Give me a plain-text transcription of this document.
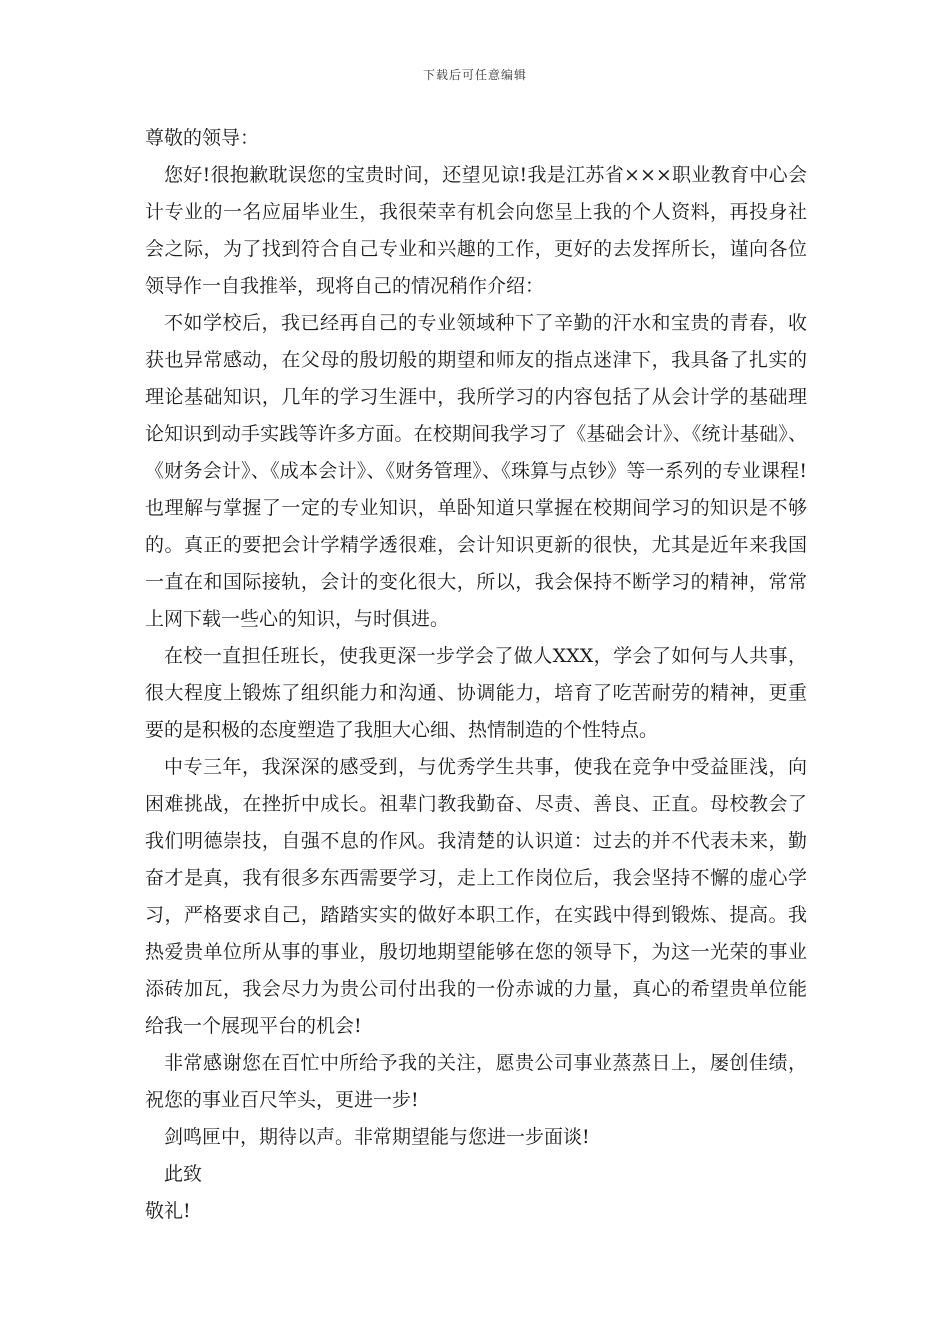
下载后可任意编辑

尊敬的领导：

您好!很抱歉耽误您的宝贵时间，还望见谅!我是江苏省×××职业教育中心会计专业的一名应届毕业生，我很荣幸有机会向您呈上我的个人资料，再投身社会之际，为了找到符合自己专业和兴趣的工作，更好的去发挥所长，谨向各位领导作一自我推举，现将自己的情况稍作介绍：

不如学校后，我已经再自己的专业领域种下了辛勤的汗水和宝贵的青春，收获也异常感动，在父母的殷切般的期望和师友的指点迷津下，我具备了扎实的理论基础知识，几年的学习生涯中，我所学习的内容包括了从会计学的基础理论知识到动手实践等许多方面。在校期间我学习了《基础会计》、《统计基础》、《财务会计》、《成本会计》、《财务管理》、《珠算与点钞》等一系列的专业课程!也理解与掌握了一定的专业知识，单卧知道只掌握在校期间学习的知识是不够的。真正的要把会计学精学透很难，会计知识更新的很快，尤其是近年来我国一直在和国际接轨，会计的变化很大，所以，我会保持不断学习的精神，常常上网下载一些心的知识，与时俱进。

在校一直担任班长，使我更深一步学会了做人XXX，学会了如何与人共事，很大程度上锻炼了组织能力和沟通、协调能力，培育了吃苦耐劳的精神，更重要的是积极的态度塑造了我胆大心细、热情制造的个性特点。

中专三年，我深深的感受到，与优秀学生共事，使我在竞争中受益匪浅，向困难挑战，在挫折中成长。祖辈门教我勤奋、尽责、善良、正直。母校教会了我们明德崇技，自强不息的作风。我清楚的认识道：过去的并不代表未来，勤奋才是真，我有很多东西需要学习，走上工作岗位后，我会坚持不懈的虚心学习，严格要求自己，踏踏实实的做好本职工作，在实践中得到锻炼、提高。我热爱贵单位所从事的事业，殷切地期望能够在您的领导下，为这一光荣的事业添砖加瓦，我会尽力为贵公司付出我的一份赤诚的力量，真心的希望贵单位能给我一个展现平台的机会!

非常感谢您在百忙中所给予我的关注，愿贵公司事业蒸蒸日上，屡创佳绩，祝您的事业百尺竿头，更进一步!

剑鸣匣中，期待以声。非常期望能与您进一步面谈!

此致

敬礼!
